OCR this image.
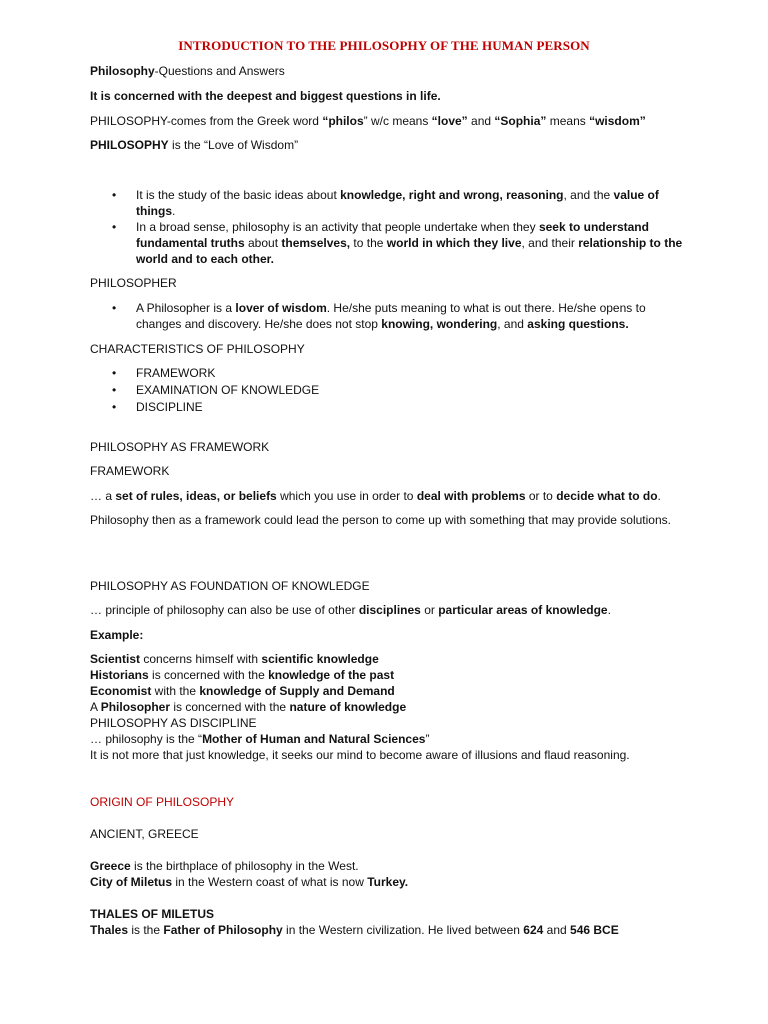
INTRODUCTION TO THE PHILOSOPHY OF THE HUMAN PERSON
Philosophy-Questions and Answers
It is concerned with the deepest and biggest questions in life.
PHILOSOPHY-comes from the Greek word “philos” w/c means “love” and “Sophia” means “wisdom”
PHILOSOPHY is the “Love of Wisdom”
• It is the study of the basic ideas about knowledge, right and wrong, reasoning, and the value of things.
• In a broad sense, philosophy is an activity that people undertake when they seek to understand fundamental truths about themselves, to the world in which they live, and their relationship to the world and to each other.
PHILOSOPHER
• A Philosopher is a lover of wisdom. He/she puts meaning to what is out there. He/she opens to changes and discovery. He/she does not stop knowing, wondering, and asking questions.
CHARACTERISTICS OF PHILOSOPHY
• FRAMEWORK
• EXAMINATION OF KNOWLEDGE
• DISCIPLINE
PHILOSOPHY AS FRAMEWORK
FRAMEWORK
… a set of rules, ideas, or beliefs which you use in order to deal with problems or to decide what to do.
Philosophy then as a framework could lead the person to come up with something that may provide solutions.
PHILOSOPHY AS FOUNDATION OF KNOWLEDGE
… principle of philosophy can also be use of other disciplines or particular areas of knowledge.
Example:
Scientist concerns himself with scientific knowledge
Historians is concerned with the knowledge of the past
Economist with the knowledge of Supply and Demand
A Philosopher is concerned with the nature of knowledge
PHILOSOPHY AS DISCIPLINE
… philosophy is the “Mother of Human and Natural Sciences”
It is not more that just knowledge, it seeks our mind to become aware of illusions and flaud reasoning.
ORIGIN OF PHILOSOPHY
ANCIENT, GREECE
Greece is the birthplace of philosophy in the West.
City of Miletus in the Western coast of what is now Turkey.
THALES OF MILETUS
Thales is the Father of Philosophy in the Western civilization. He lived between 624 and 546 BCE
